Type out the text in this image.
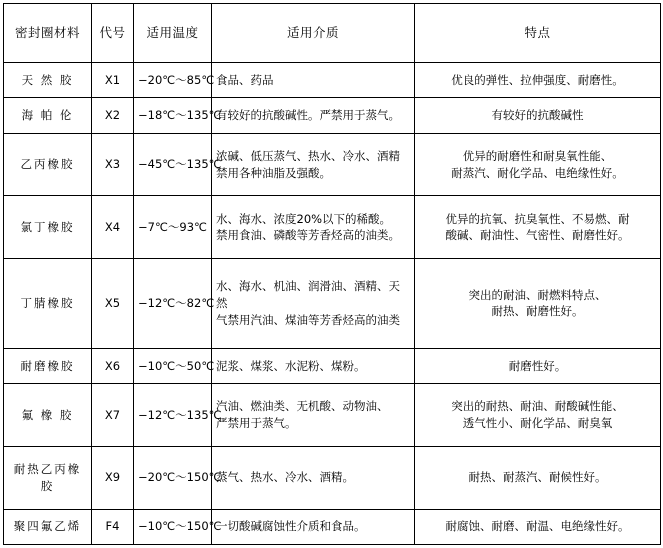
密封圈材料	代号	适用温度	适用介质	特点
天 然 胶	X1	−20℃～85℃	食品、药品	优良的弹性、拉伸强度、耐磨性。

海 帕 伦	X2	−18℃～135℃	有较好的抗酸碱性。严禁用于蒸气。	有较好的抗酸碱性

乙丙橡胶	X3	−45℃～135℃	浓碱、低压蒸气、热水、冷水、酒精
禁用各种油脂及强酸。	优异的耐磨性和耐臭氧性能、
耐蒸汽、耐化学品、电绝缘性好。

氯丁橡胶	X4	−7℃～93℃	水、海水、浓度20%以下的稀酸。
禁用食油、磷酸等芳香烃高的油类。	优异的抗氧、抗臭氧性、不易燃、耐
酸碱、耐油性、气密性、耐磨性好。

丁腈橡胶	X5	−12℃～82℃	水、海水、机油、润滑油、酒精、天然
气禁用汽油、煤油等芳香烃高的油类	突出的耐油、耐燃料特点、
耐热、耐磨性好。

耐磨橡胶	X6	−10℃～50℃	泥浆、煤浆、水泥粉、煤粉。	耐磨性好。

氟 橡 胶	X7	−12℃～135℃	汽油、燃油类、无机酸、动物油、
严禁用于蒸气。	突出的耐热、耐油、耐酸碱性能、
透气性小、耐化学品、耐臭氧

耐热乙丙橡胶	X9	−20℃～150℃	蒸气、热水、冷水、酒精。	耐热、耐蒸汽、耐候性好。

聚四氟乙烯	F4	−10℃～150℃	一切酸碱腐蚀性介质和食品。	耐腐蚀、耐磨、耐温、电绝缘性好。
